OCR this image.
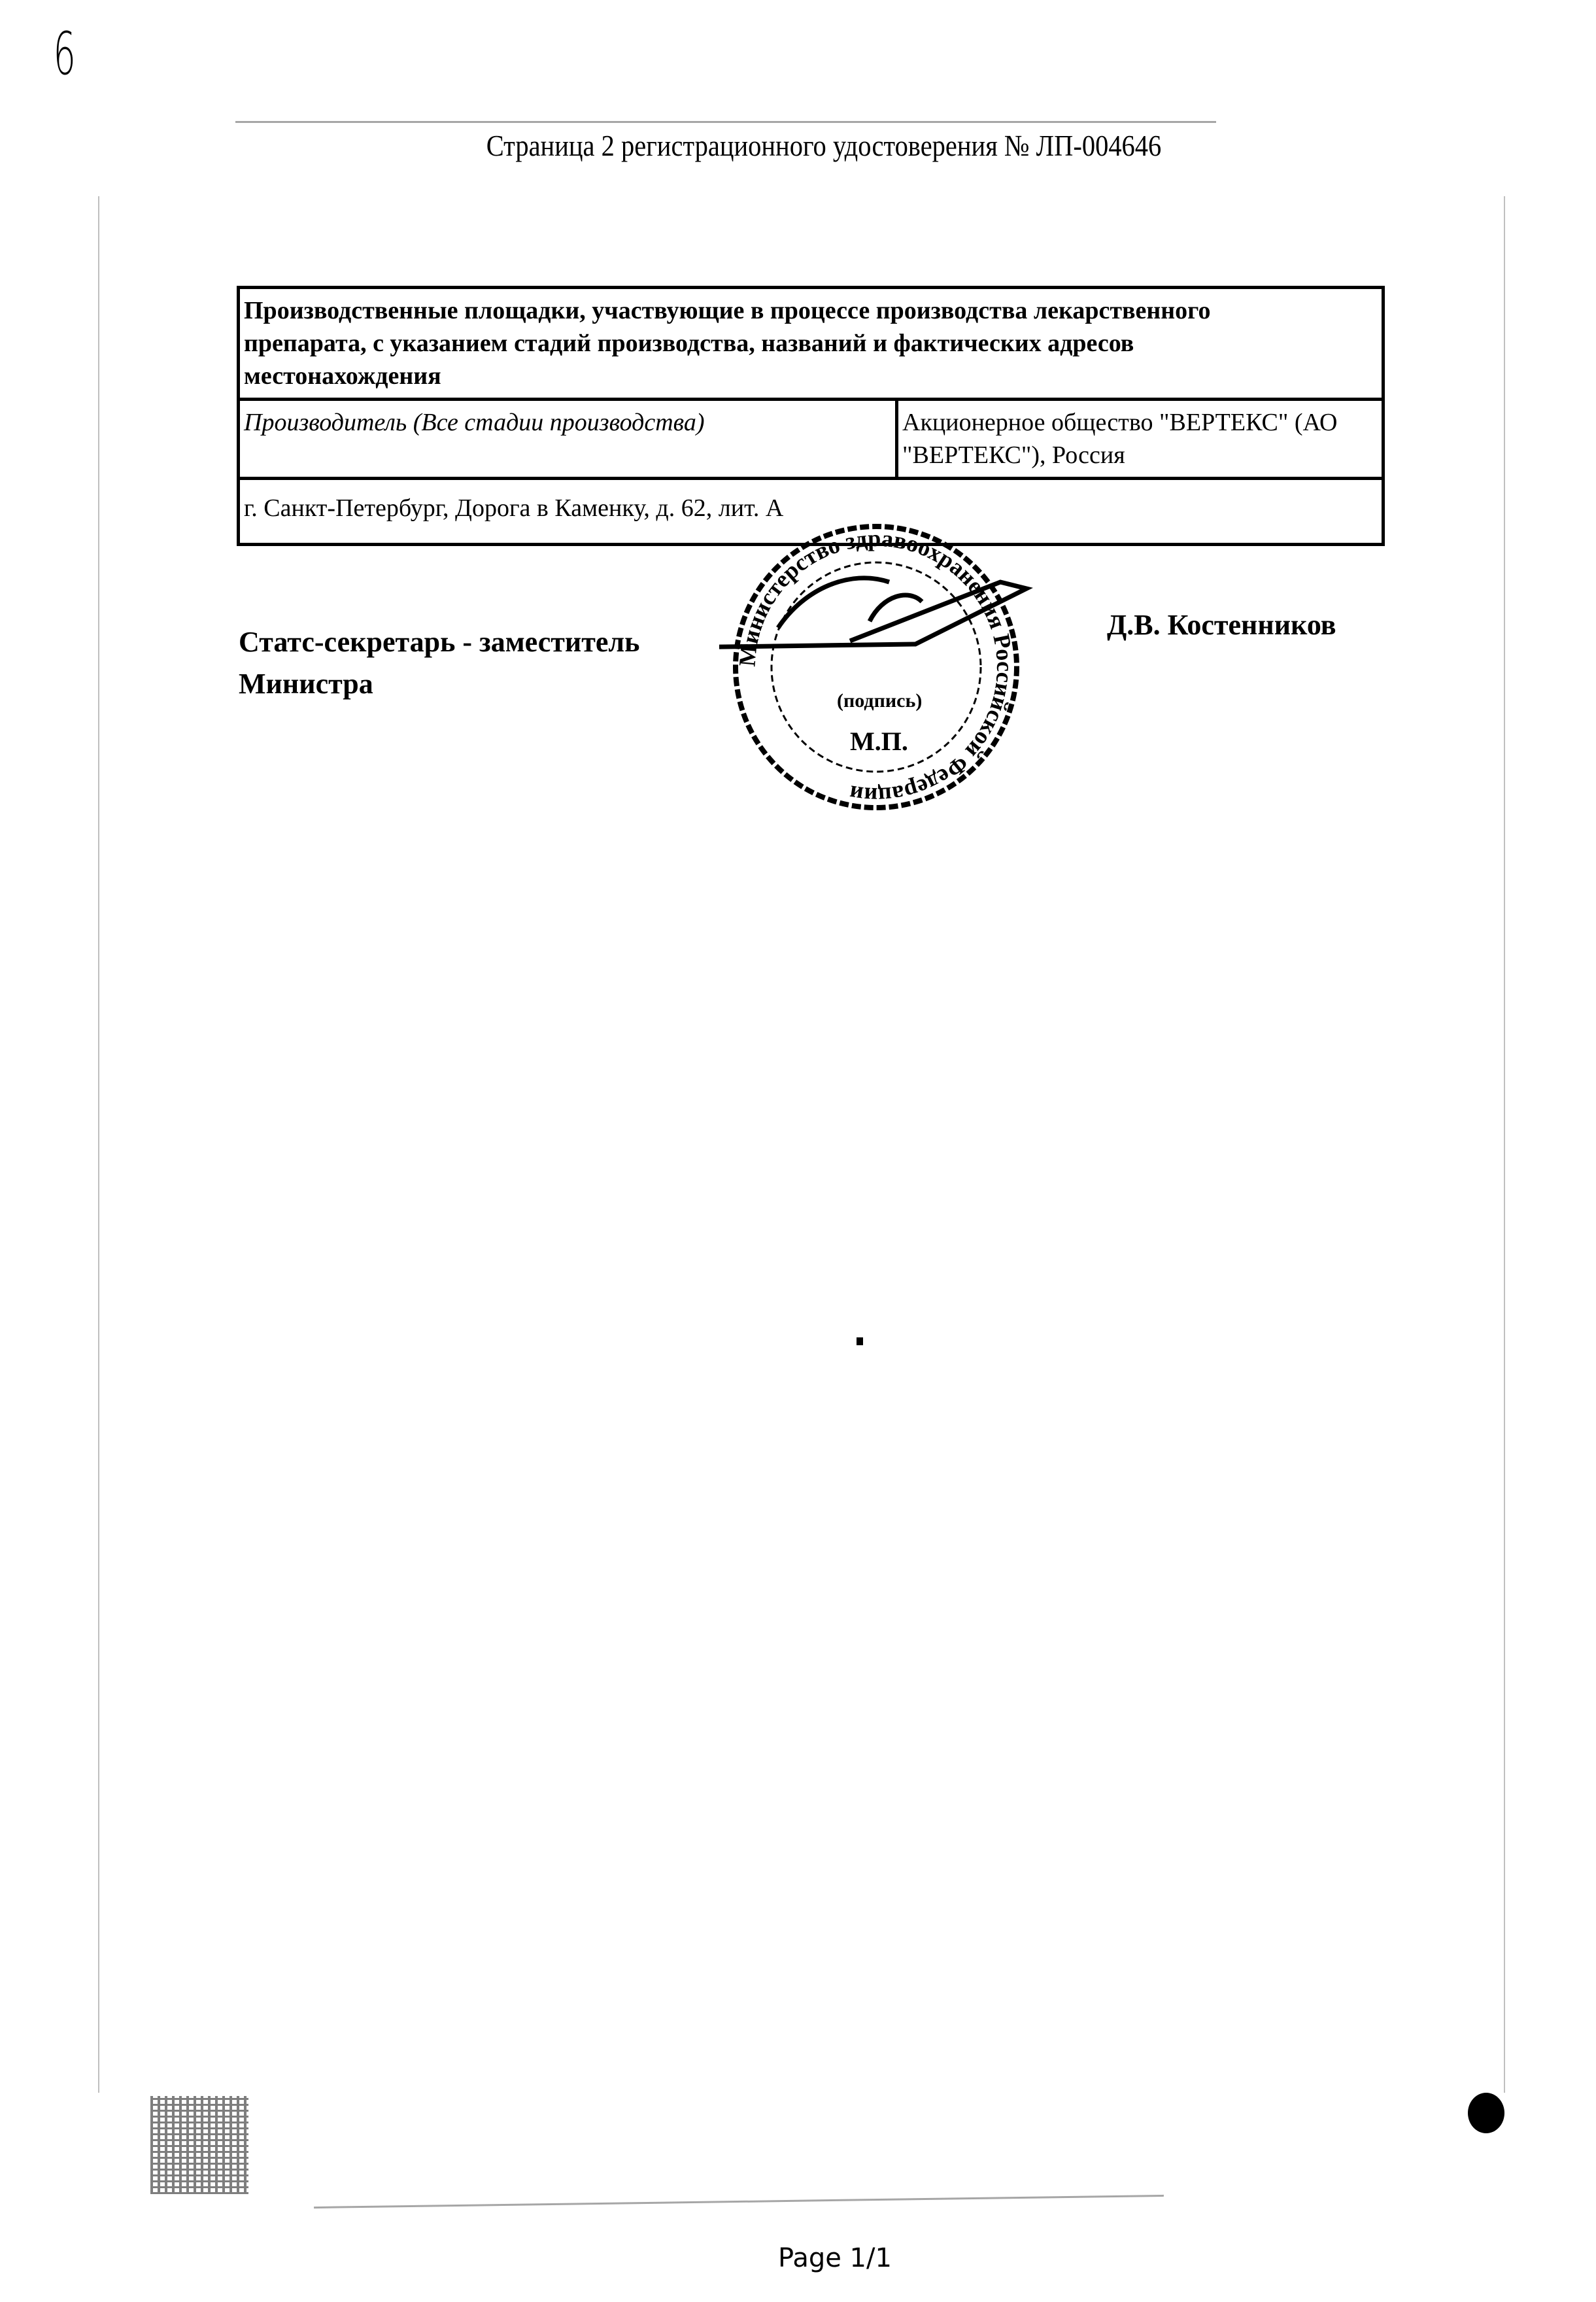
6
Страница 2 регистрационного удостоверения № ЛП-004646
Производственные площадки, участвующие в процессе производства лекарственного препарата, с указанием стадий производства, названий и фактических адресов местонахождения
Производитель (Все стадии производства)	Акционерное общество "ВЕРТЕКС" (АО "ВЕРТЕКС"), Россия
г. Санкт-Петербург, Дорога в Каменку, д. 62, лит. А
Статс-секретарь - заместитель
Министра
Министерство здравоохранения Российской Федерации
(подпись)
М.П.
Д.В. Костенников
Page 1/1
